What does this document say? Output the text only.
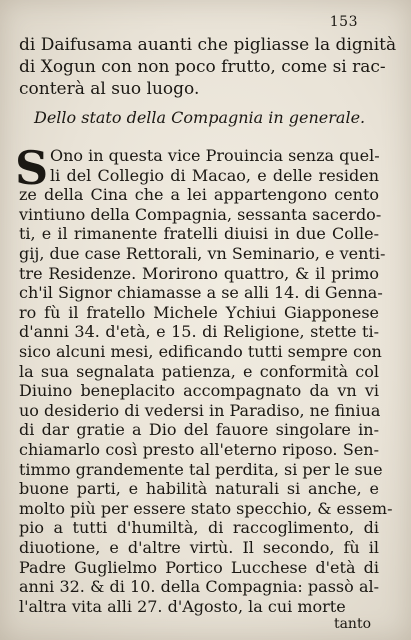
153
di Daifusama auanti che pigliasse la dignità
di Xogun con non poco frutto, come si rac-
conterà al suo luogo.
Dello stato della Compagnia in generale.
S Ono in questa vice Prouincia senza quel-
li del Collegio di Macao, e delle residen
ze della Cina che a lei appartengono cento
vintiuno della Compagnia, sessanta sacerdo-
ti, e il rimanente fratelli diuisi in due Colle-
gij, due case Rettorali, vn Seminario, e venti-
tre Residenze. Morirono quattro, & il primo
ch'il Signor chiamasse a se alli 14. di Genna-
ro fù il fratello Michele Ychiui Giapponese
d'anni 34. d'età, e 15. di Religione, stette ti-
sico alcuni mesi, edificando tutti sempre con
la sua segnalata patienza, e conformità col
Diuino beneplacito accompagnato da vn vi
uo desiderio di vedersi in Paradiso, ne finiua
di dar gratie a Dio del fauore singolare in-
chiamarlo così presto all'eterno riposo. Sen-
timmo grandemente tal perdita, si per le sue
buone parti, e habilità naturali si anche, e
molto più per essere stato specchio, & essem-
pio a tutti d'humiltà, di raccoglimento, di
diuotione, e d'altre virtù. Il secondo, fù il
Padre Guglielmo Portico Lucchese d'età di
anni 32. & di 10. della Compagnia: passò al-
l'altra vita alli 27. d'Agosto, la cui morte
tanto
